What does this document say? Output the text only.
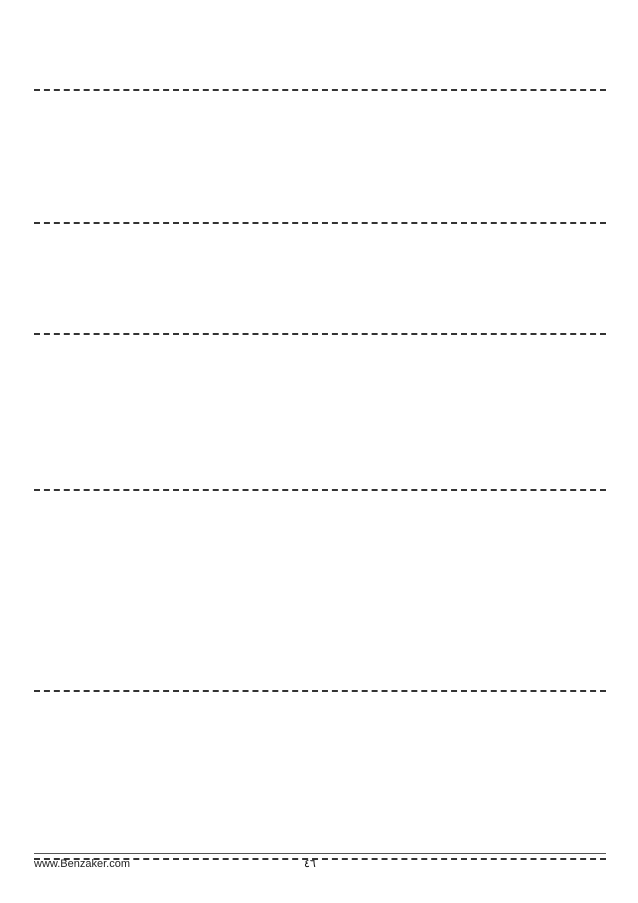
www.Benzaker.com	٤٦
